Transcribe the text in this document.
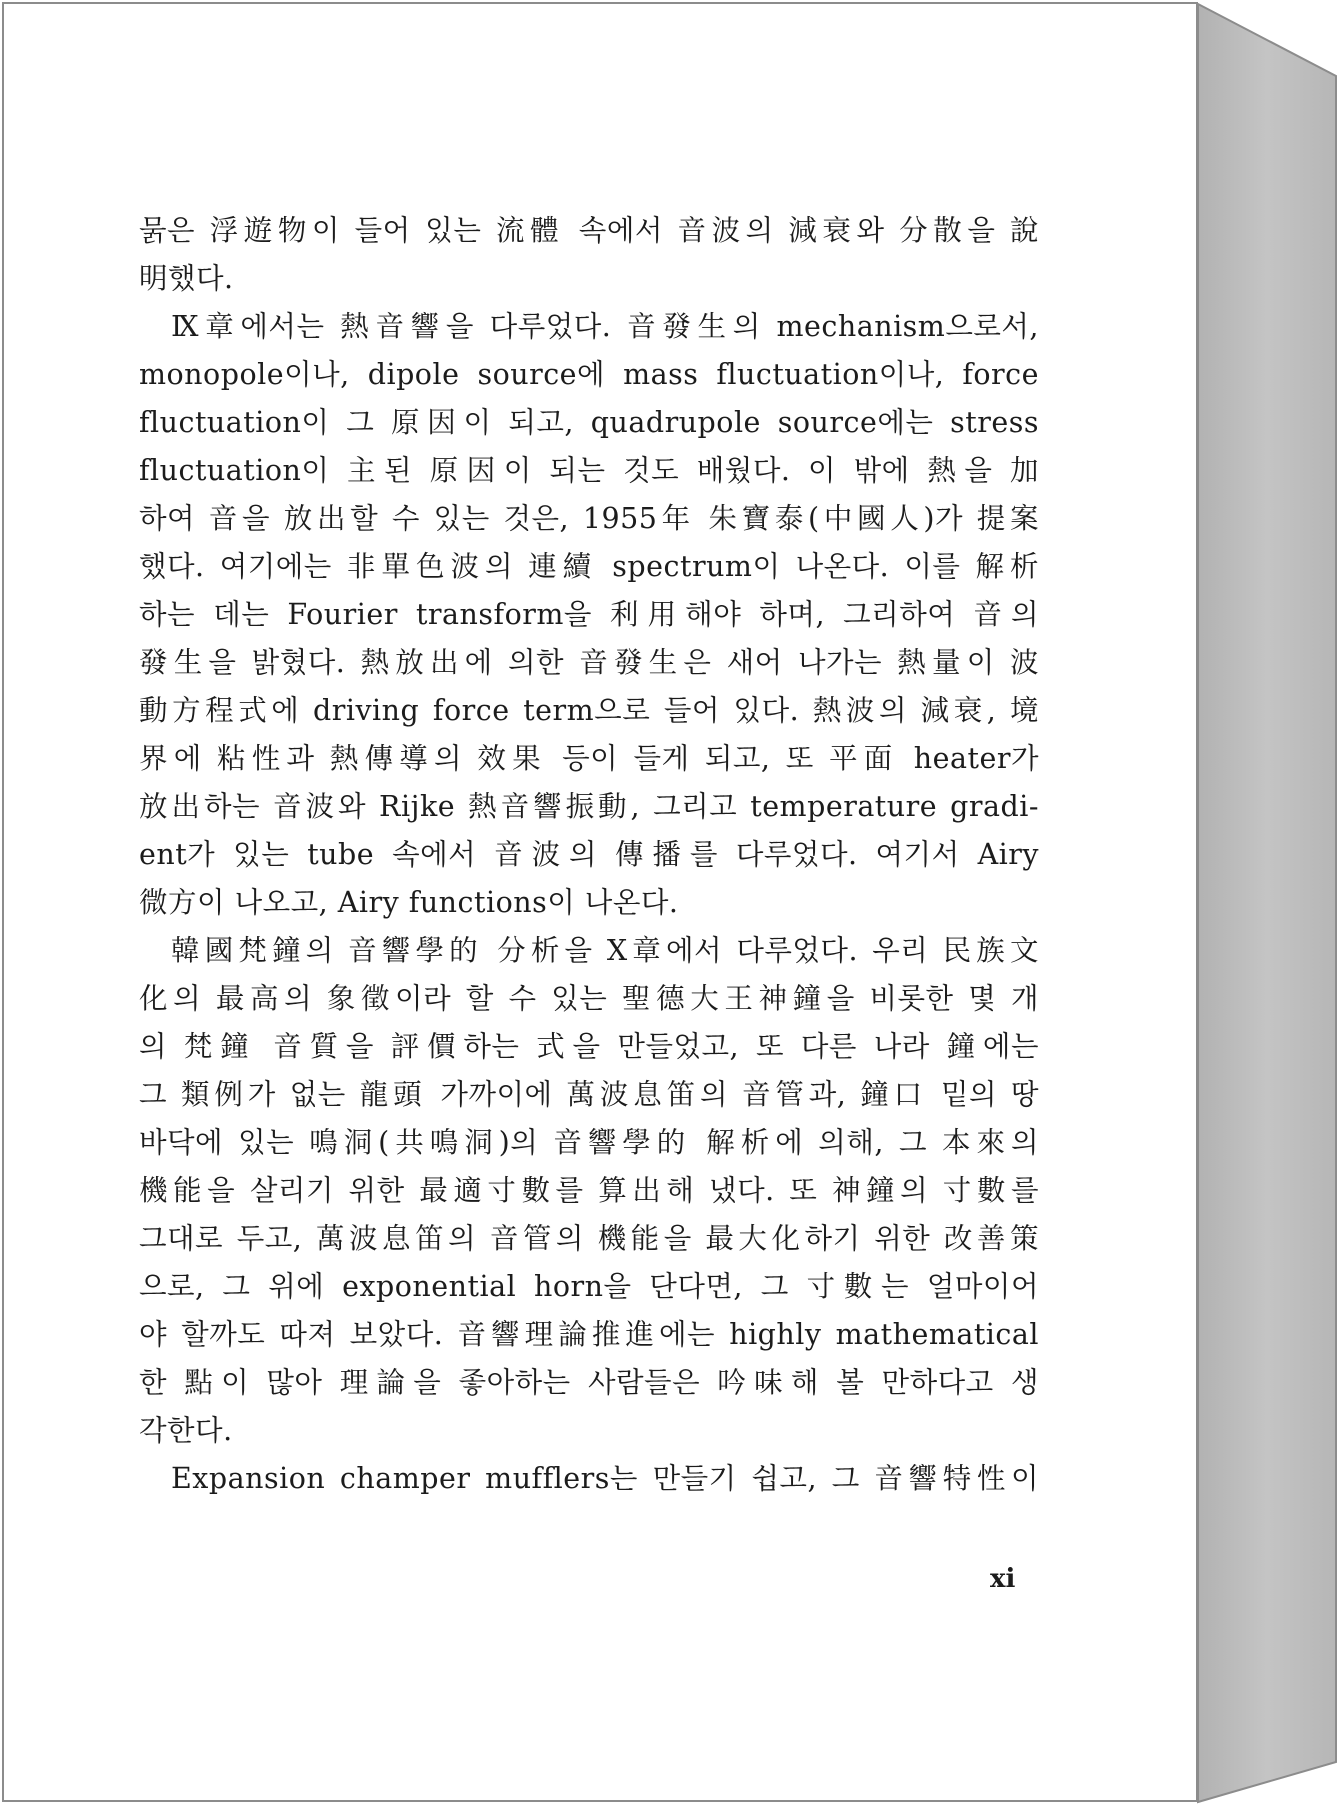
묽은 浮遊物이 들어 있는 流體 속에서 音波의 減衰와 分散을 說
明했다.
Ⅸ章에서는 熱音響을 다루었다. 音發生의 mechanism으로서,
monopole이나, dipole source에 mass fluctuation이나, force
fluctuation이 그 原因이 되고, quadrupole source에는 stress
fluctuation이 主된 原因이 되는 것도 배웠다. 이 밖에 熱을 加
하여 音을 放出할 수 있는 것은, 1955年 朱寶泰(中國人)가 提案
했다. 여기에는 非單色波의 連續 spectrum이 나온다. 이를 解析
하는 데는 Fourier transform을 利用해야 하며, 그리하여 音의
發生을 밝혔다. 熱放出에 의한 音發生은 새어 나가는 熱量이 波
動方程式에 driving force term으로 들어 있다. 熱波의 減衰, 境
界에 粘性과 熱傳導의 效果 등이 들게 되고, 또 平面 heater가
放出하는 音波와 Rijke 熱音響振動, 그리고 temperature gradi-
ent가 있는 tube 속에서 音波의 傳播를 다루었다. 여기서 Airy
微方이 나오고, Airy functions이 나온다.
韓國梵鐘의 音響學的 分析을 Ⅹ章에서 다루었다. 우리 民族文
化의 最高의 象徵이라 할 수 있는 聖德大王神鐘을 비롯한 몇 개
의 梵鐘 音質을 評價하는 式을 만들었고, 또 다른 나라 鐘에는
그 類例가 없는 龍頭 가까이에 萬波息笛의 音管과, 鐘口 밑의 땅
바닥에 있는 鳴洞(共鳴洞)의 音響學的 解析에 의해, 그 本來의
機能을 살리기 위한 最適寸數를 算出해 냈다. 또 神鐘의 寸數를
그대로 두고, 萬波息笛의 音管의 機能을 最大化하기 위한 改善策
으로, 그 위에 exponential horn을 단다면, 그 寸數는 얼마이어
야 할까도 따져 보았다. 音響理論推進에는 highly mathematical
한 點이 많아 理論을 좋아하는 사람들은 吟味해 볼 만하다고 생
각한다.
Expansion champer mufflers는 만들기 쉽고, 그 音響特性이
xi
